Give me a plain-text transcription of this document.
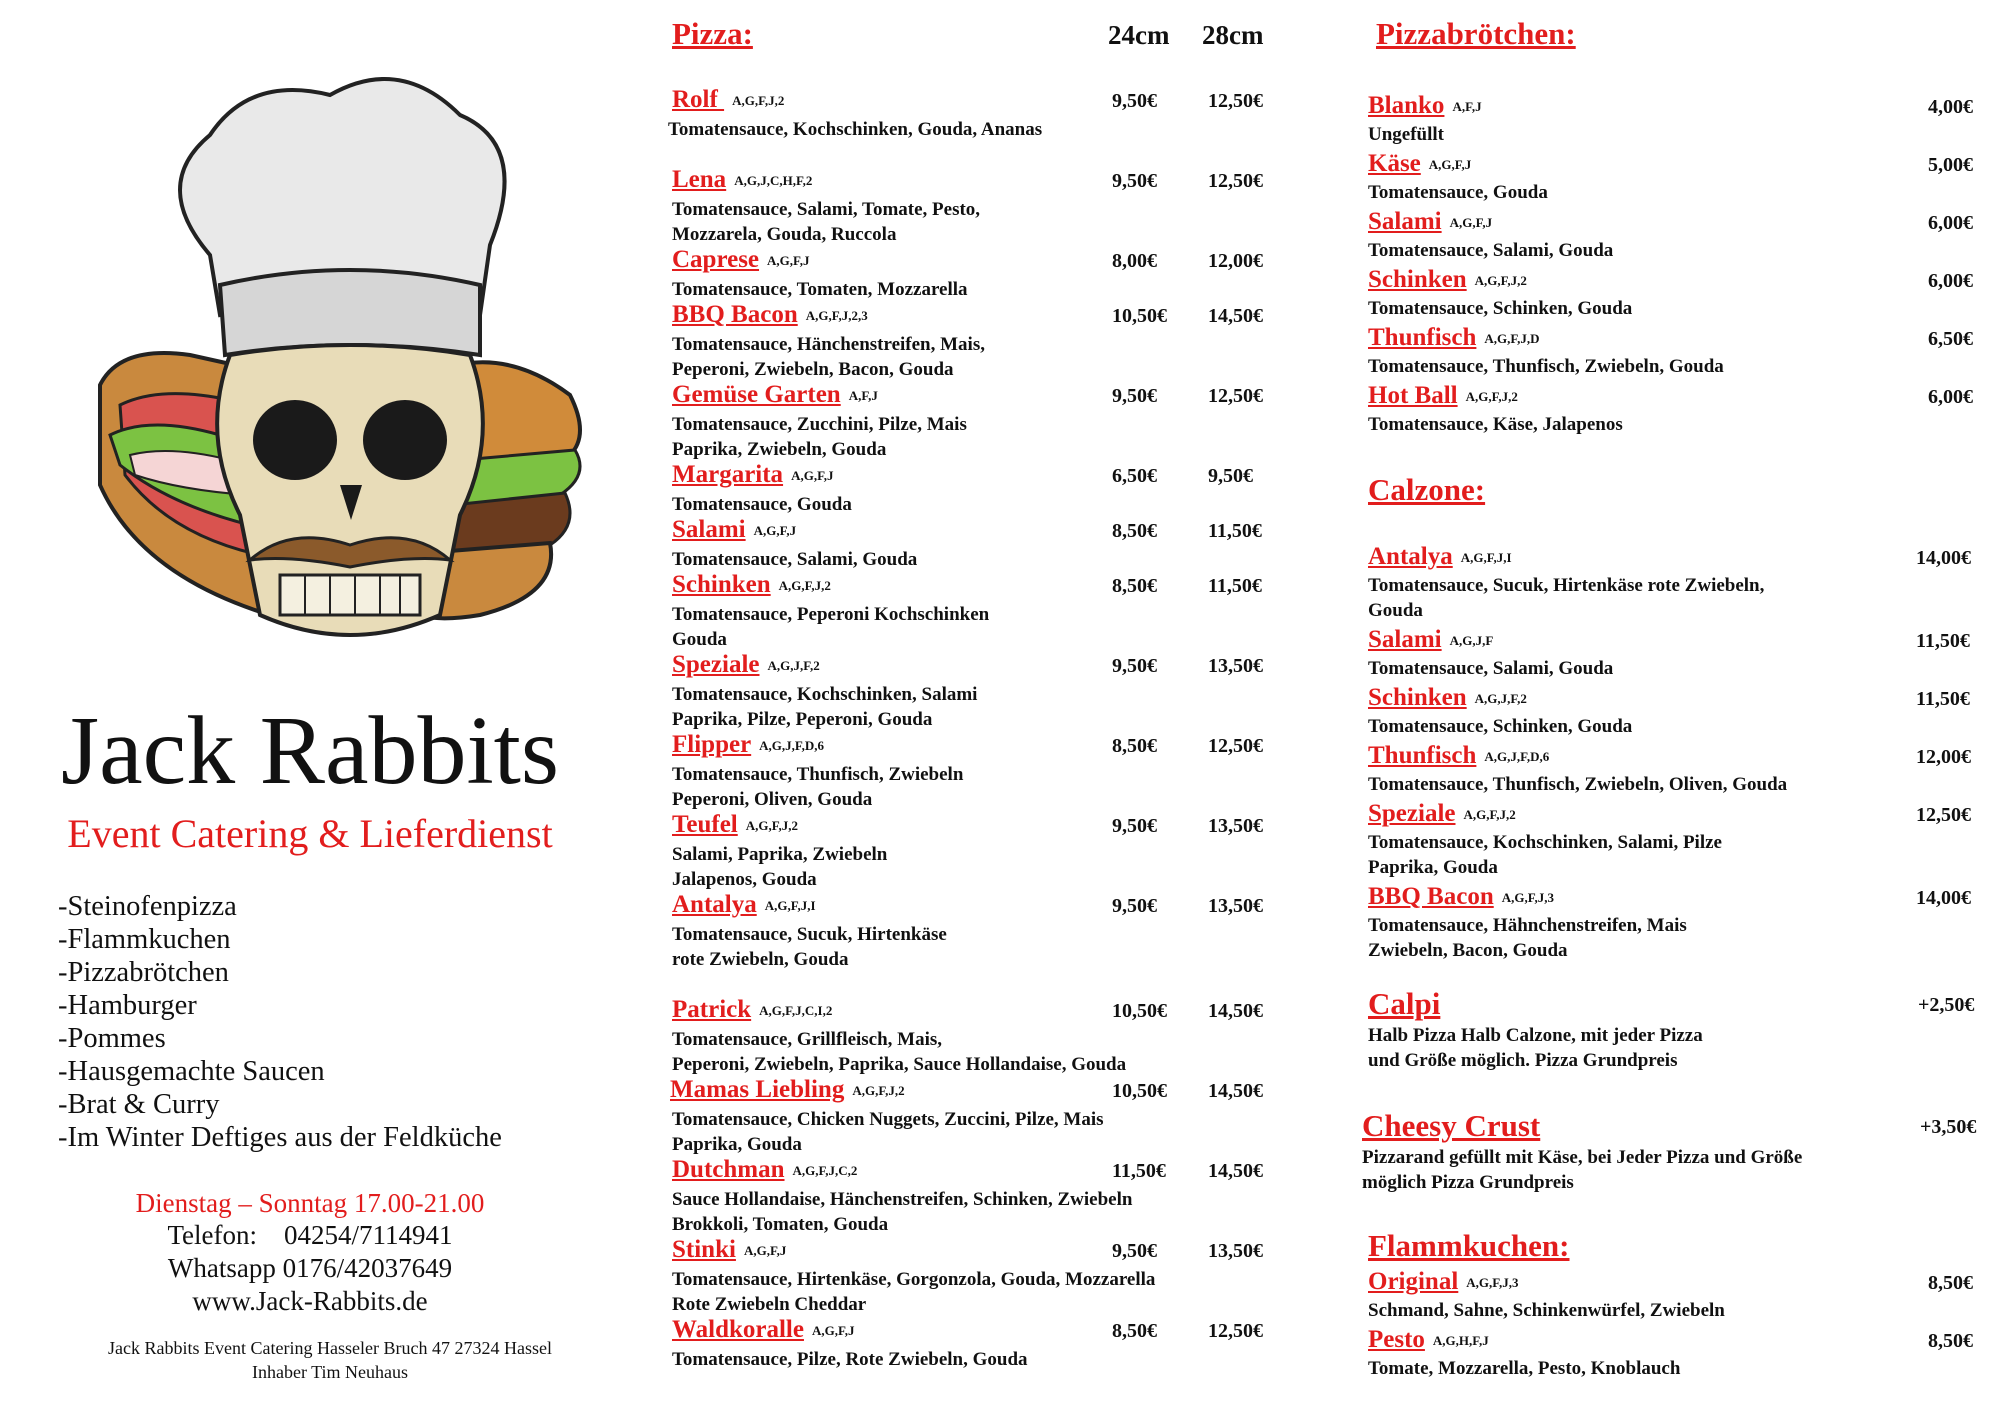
Jack Rabbits
Event Catering & Lieferdienst
-Steinofenpizza
-Flammkuchen
-Pizzabrötchen
-Hamburger
-Pommes
-Hausgemachte Saucen
-Brat & Curry
-Im Winter Deftiges aus der Feldküche
Dienstag – Sonntag 17.00-21.00
Telefon:    04254/7114941
Whatsapp 0176/42037649
www.Jack-Rabbits.de
Jack Rabbits Event Catering Hasseler Bruch 47 27324 Hassel
Inhaber Tim Neuhaus
Pizza:	24cm 28cm
Rolf A,G,F,J,2	9,50€	12,50€
Tomatensauce, Kochschinken, Gouda, Ananas
Lena A,G,J,C,H,F,2	9,50€	12,50€
Tomatensauce, Salami, Tomate, Pesto,
Mozzarela, Gouda, Ruccola
Caprese A,G,F,J	8,00€	12,00€
Tomatensauce, Tomaten, Mozzarella
BBQ Bacon A,G,F,J,2,3	10,50€ 14,50€
Tomatensauce, Hänchenstreifen, Mais,
Peperoni, Zwiebeln, Bacon, Gouda
Gemüse Garten A,F,J	9,50€	12,50€
Tomatensauce, Zucchini, Pilze, Mais
Paprika, Zwiebeln, Gouda
Margarita A,G,F,J	6,50€	9,50€
Tomatensauce, Gouda
Salami A,G,F,J	8,50€	11,50€
Tomatensauce, Salami, Gouda
Schinken A,G,F,J,2	8,50€	11,50€
Tomatensauce, Peperoni Kochschinken
Gouda
Speziale A,G,J,F,2	9,50€	13,50€
Tomatensauce, Kochschinken, Salami
Paprika, Pilze, Peperoni, Gouda
Flipper A,G,J,F,D,6	8,50€	12,50€
Tomatensauce, Thunfisch, Zwiebeln
Peperoni, Oliven, Gouda
Teufel A,G,F,J,2	9,50€	13,50€
Salami, Paprika, Zwiebeln
Jalapenos, Gouda
Antalya A,G,F,J,I	9,50€	13,50€
Tomatensauce, Sucuk, Hirtenkäse
rote Zwiebeln, Gouda
Patrick A,G,F,J,C,I,2	10,50€ 14,50€
Tomatensauce, Grillfleisch, Mais,
Peperoni, Zwiebeln, Paprika, Sauce Hollandaise, Gouda
Mamas Liebling A,G,F,J,2	10,50€ 14,50€
Tomatensauce, Chicken Nuggets, Zuccini, Pilze, Mais
Paprika, Gouda
Dutchman A,G,F,J,C,2	11,50€ 14,50€
Sauce Hollandaise, Hänchenstreifen, Schinken, Zwiebeln
Brokkoli, Tomaten, Gouda
Stinki A,G,F,J	9,50€	13,50€
Tomatensauce, Hirtenkäse, Gorgonzola, Gouda, Mozzarella
Rote Zwiebeln Cheddar
Waldkoralle A,G,F,J	8,50€	12,50€
Tomatensauce, Pilze, Rote Zwiebeln, Gouda
Pizzabrötchen:
Blanko A,F,J	4,00€
Ungefüllt
Käse A,G,F,J	5,00€
Tomatensauce, Gouda
Salami A,G,F,J	6,00€
Tomatensauce, Salami, Gouda
Schinken A,G,F,J,2	6,00€
Tomatensauce, Schinken, Gouda
Thunfisch A,G,F,J,D	6,50€
Tomatensauce, Thunfisch, Zwiebeln, Gouda
Hot Ball A,G,F,J,2	6,00€
Tomatensauce, Käse, Jalapenos
Calzone:
Antalya A,G,F,J,I	14,00€
Tomatensauce, Sucuk, Hirtenkäse rote Zwiebeln,
Gouda
Salami A,G,J,F	11,50€
Tomatensauce, Salami, Gouda
Schinken A,G,J,F,2	11,50€
Tomatensauce, Schinken, Gouda
Thunfisch A,G,J,F,D,6	12,00€
Tomatensauce, Thunfisch, Zwiebeln, Oliven, Gouda
Speziale A,G,F,J,2	12,50€
Tomatensauce, Kochschinken, Salami, Pilze
Paprika, Gouda
BBQ Bacon A,G,F,J,3	14,00€
Tomatensauce, Hähnchenstreifen, Mais
Zwiebeln, Bacon, Gouda
Calpi	+2,50€
Halb Pizza Halb Calzone, mit jeder Pizza
und Größe möglich. Pizza Grundpreis
Cheesy Crust	+3,50€
Pizzarand gefüllt mit Käse, bei Jeder Pizza und Größe
möglich Pizza Grundpreis
Flammkuchen:
Original A,G,F,J,3	8,50€
Schmand, Sahne, Schinkenwürfel, Zwiebeln
Pesto A,G,H,F,J	8,50€
Tomate, Mozzarella, Pesto, Knoblauch
